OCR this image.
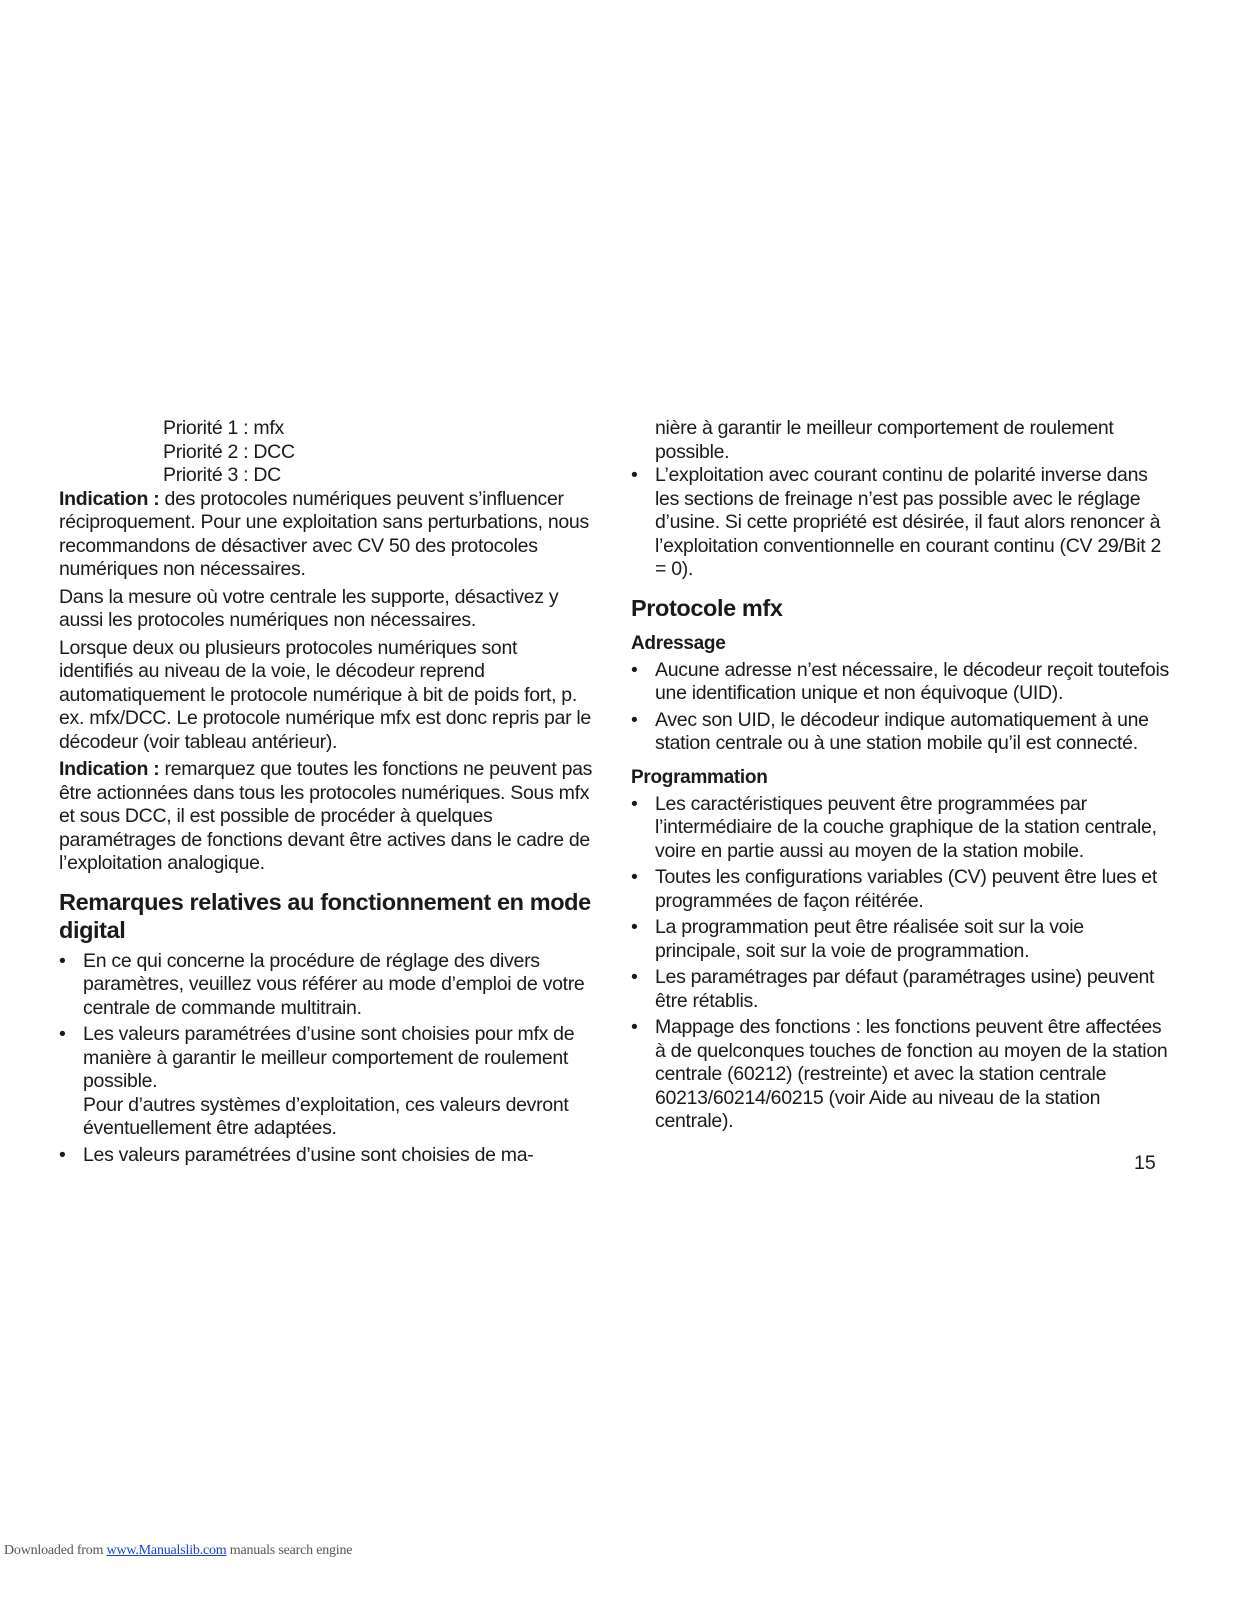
Priorité 1 : mfx
Priorité 2 : DCC
Priorité 3 : DC

Indication : des protocoles numériques peuvent s’influencer réciproquement. Pour une exploitation sans perturbations, nous recommandons de désactiver avec CV 50 des protocoles numériques non nécessaires.

Dans la mesure où votre centrale les supporte, désactivez y aussi les protocoles numériques non nécessaires.

Lorsque deux ou plusieurs protocoles numériques sont identifiés au niveau de la voie, le décodeur reprend automatiquement le protocole numérique à bit de poids fort, p. ex. mfx/DCC. Le protocole numérique mfx est donc repris par le décodeur (voir tableau antérieur).

Indication : remarquez que toutes les fonctions ne peuvent pas être actionnées dans tous les protocoles numériques. Sous mfx et sous DCC, il est possible de procéder à quelques paramétrages de fonctions devant être actives dans le cadre de l’exploitation analogique.

Remarques relatives au fonctionnement en mode digital
• En ce qui concerne la procédure de réglage des divers paramètres, veuillez vous référer au mode d’emploi de votre centrale de commande multitrain.
• Les valeurs paramétrées d’usine sont choisies pour mfx de manière à garantir le meilleur comportement de roulement possible.
Pour d’autres systèmes d’exploitation, ces valeurs devront éventuellement être adaptées.
• Les valeurs paramétrées d’usine sont choisies de ma-

nière à garantir le meilleur comportement de roulement possible.

• L’exploitation avec courant continu de polarité inverse dans les sections de freinage n’est pas possible avec le réglage d’usine. Si cette propriété est désirée, il faut alors renoncer à l’exploitation conventionnelle en courant continu (CV 29/Bit 2 = 0).
Protocole mfx
Adressage
• Aucune adresse n’est nécessaire, le décodeur reçoit toutefois une identification unique et non équivoque (UID).
• Avec son UID, le décodeur indique automatiquement à une station centrale ou à une station mobile qu’il est connecté.
Programmation
• Les caractéristiques peuvent être programmées par l’intermédiaire de la couche graphique de la station centrale, voire en partie aussi au moyen de la station mobile.
• Toutes les configurations variables (CV) peuvent être lues et programmées de façon réitérée.
• La programmation peut être réalisée soit sur la voie principale, soit sur la voie de programmation.
• Les paramétrages par défaut (paramétrages usine) peuvent être rétablis.
• Mappage des fonctions : les fonctions peuvent être affectées à de quelconques touches de fonction au moyen de la station centrale (60212) (restreinte) et avec la station centrale 60213/60214/60215 (voir Aide au niveau de la station centrale).
15
Downloaded from www.Manualslib.com manuals search engine
